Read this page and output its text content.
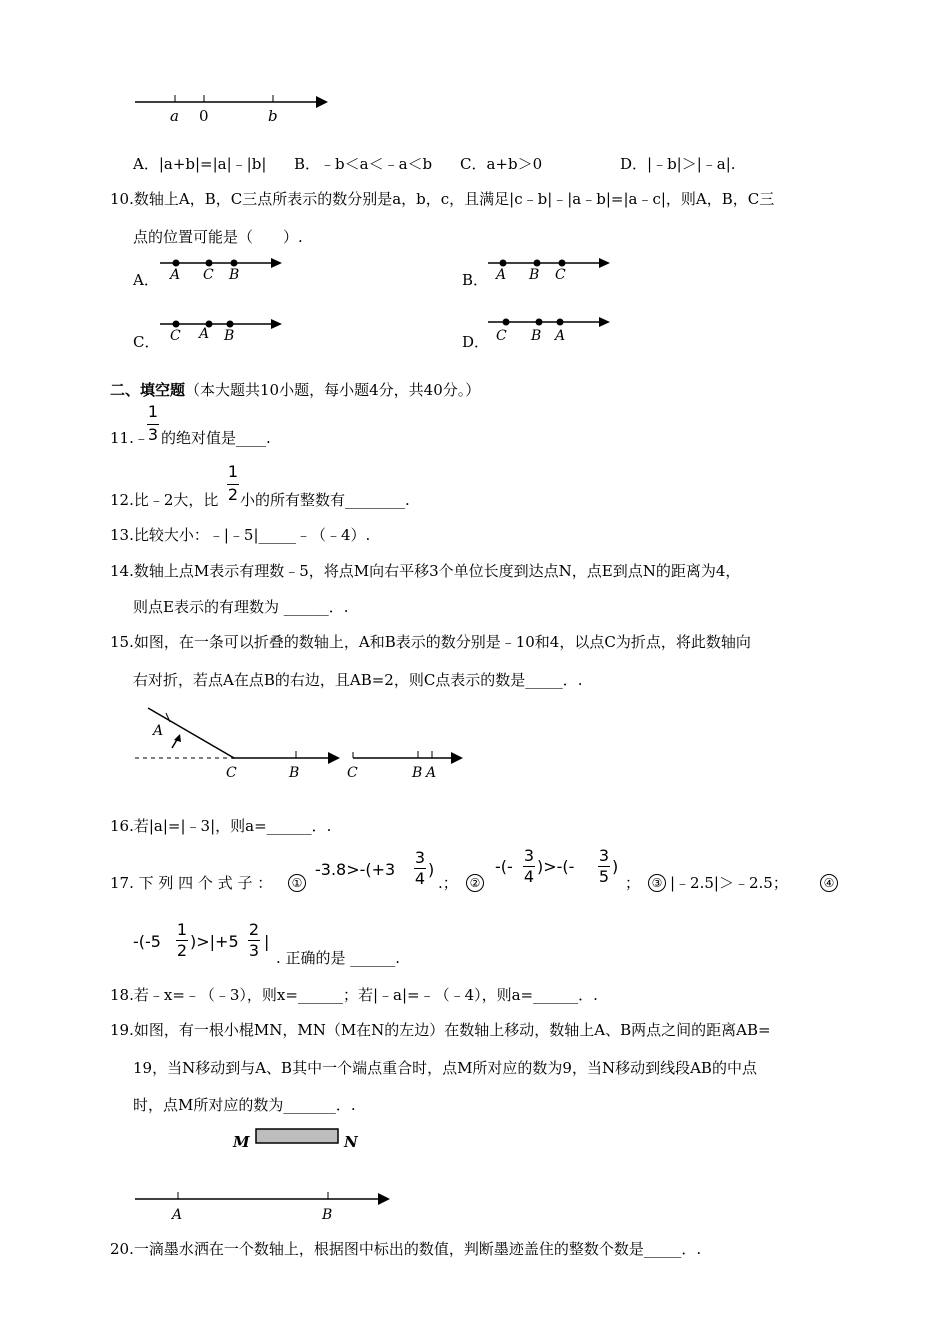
a 0	b
A．|a+b|=|a|﹣|b| B．﹣b＜a＜﹣a＜b C．a+b＞0	D．|﹣b|＞|﹣a|.
10.数轴上A，B，C三点所表示的数分别是a，b，c，且满足|c﹣b|﹣|a﹣b|=|a﹣c|，则A，B，C三
点的位置可能是（　　）.
A．	B．
C．	D．
A C B	A B C
C A B	C B A
二、填空题（本大题共10小题，每小题4分，共40分。）
11.﹣
1
3 的绝对值是____.
12.比﹣2大，比
1
2 小的所有整数有________.
13.比较大小：﹣|﹣5|_____﹣（﹣4）.
14.数轴上点M表示有理数﹣5，将点M向右平移3个单位长度到达点N，点E到点N的距离为4，
则点E表示的有理数为 ______．.
15.如图，在一条可以折叠的数轴上，A和B表示的数分别是﹣10和4，以点C为折点，将此数轴向
右对折，若点A在点B的右边，且AB=2，则C点表示的数是_____．.
A
C	B	C	B A
16.若|a|=|﹣3|，则a=______．.
17. 下 列 四 个 式 子 ：	①
-3.8>-(+3
3
4 )
.； ②
-(-
3
4
)>-(-
3
5
)
； ③ |﹣2.5|＞﹣2.5；	④
-(-5
1
2 )>|+5
2
3 |
. 正确的是 ______.
18.若﹣x=﹣（﹣3），则x=______；若|﹣a|=﹣（﹣4），则a=______．.
19.如图，有一根小棍MN，MN（M在N的左边）在数轴上移动，数轴上A、B两点之间的距离AB=
19，当N移动到与A、B其中一个端点重合时，点M所对应的数为9，当N移动到线段AB的中点
时，点M所对应的数为_______．.
M	N
A	B
20.一滴墨水洒在一个数轴上，根据图中标出的数值，判断墨迹盖住的整数个数是_____．.
